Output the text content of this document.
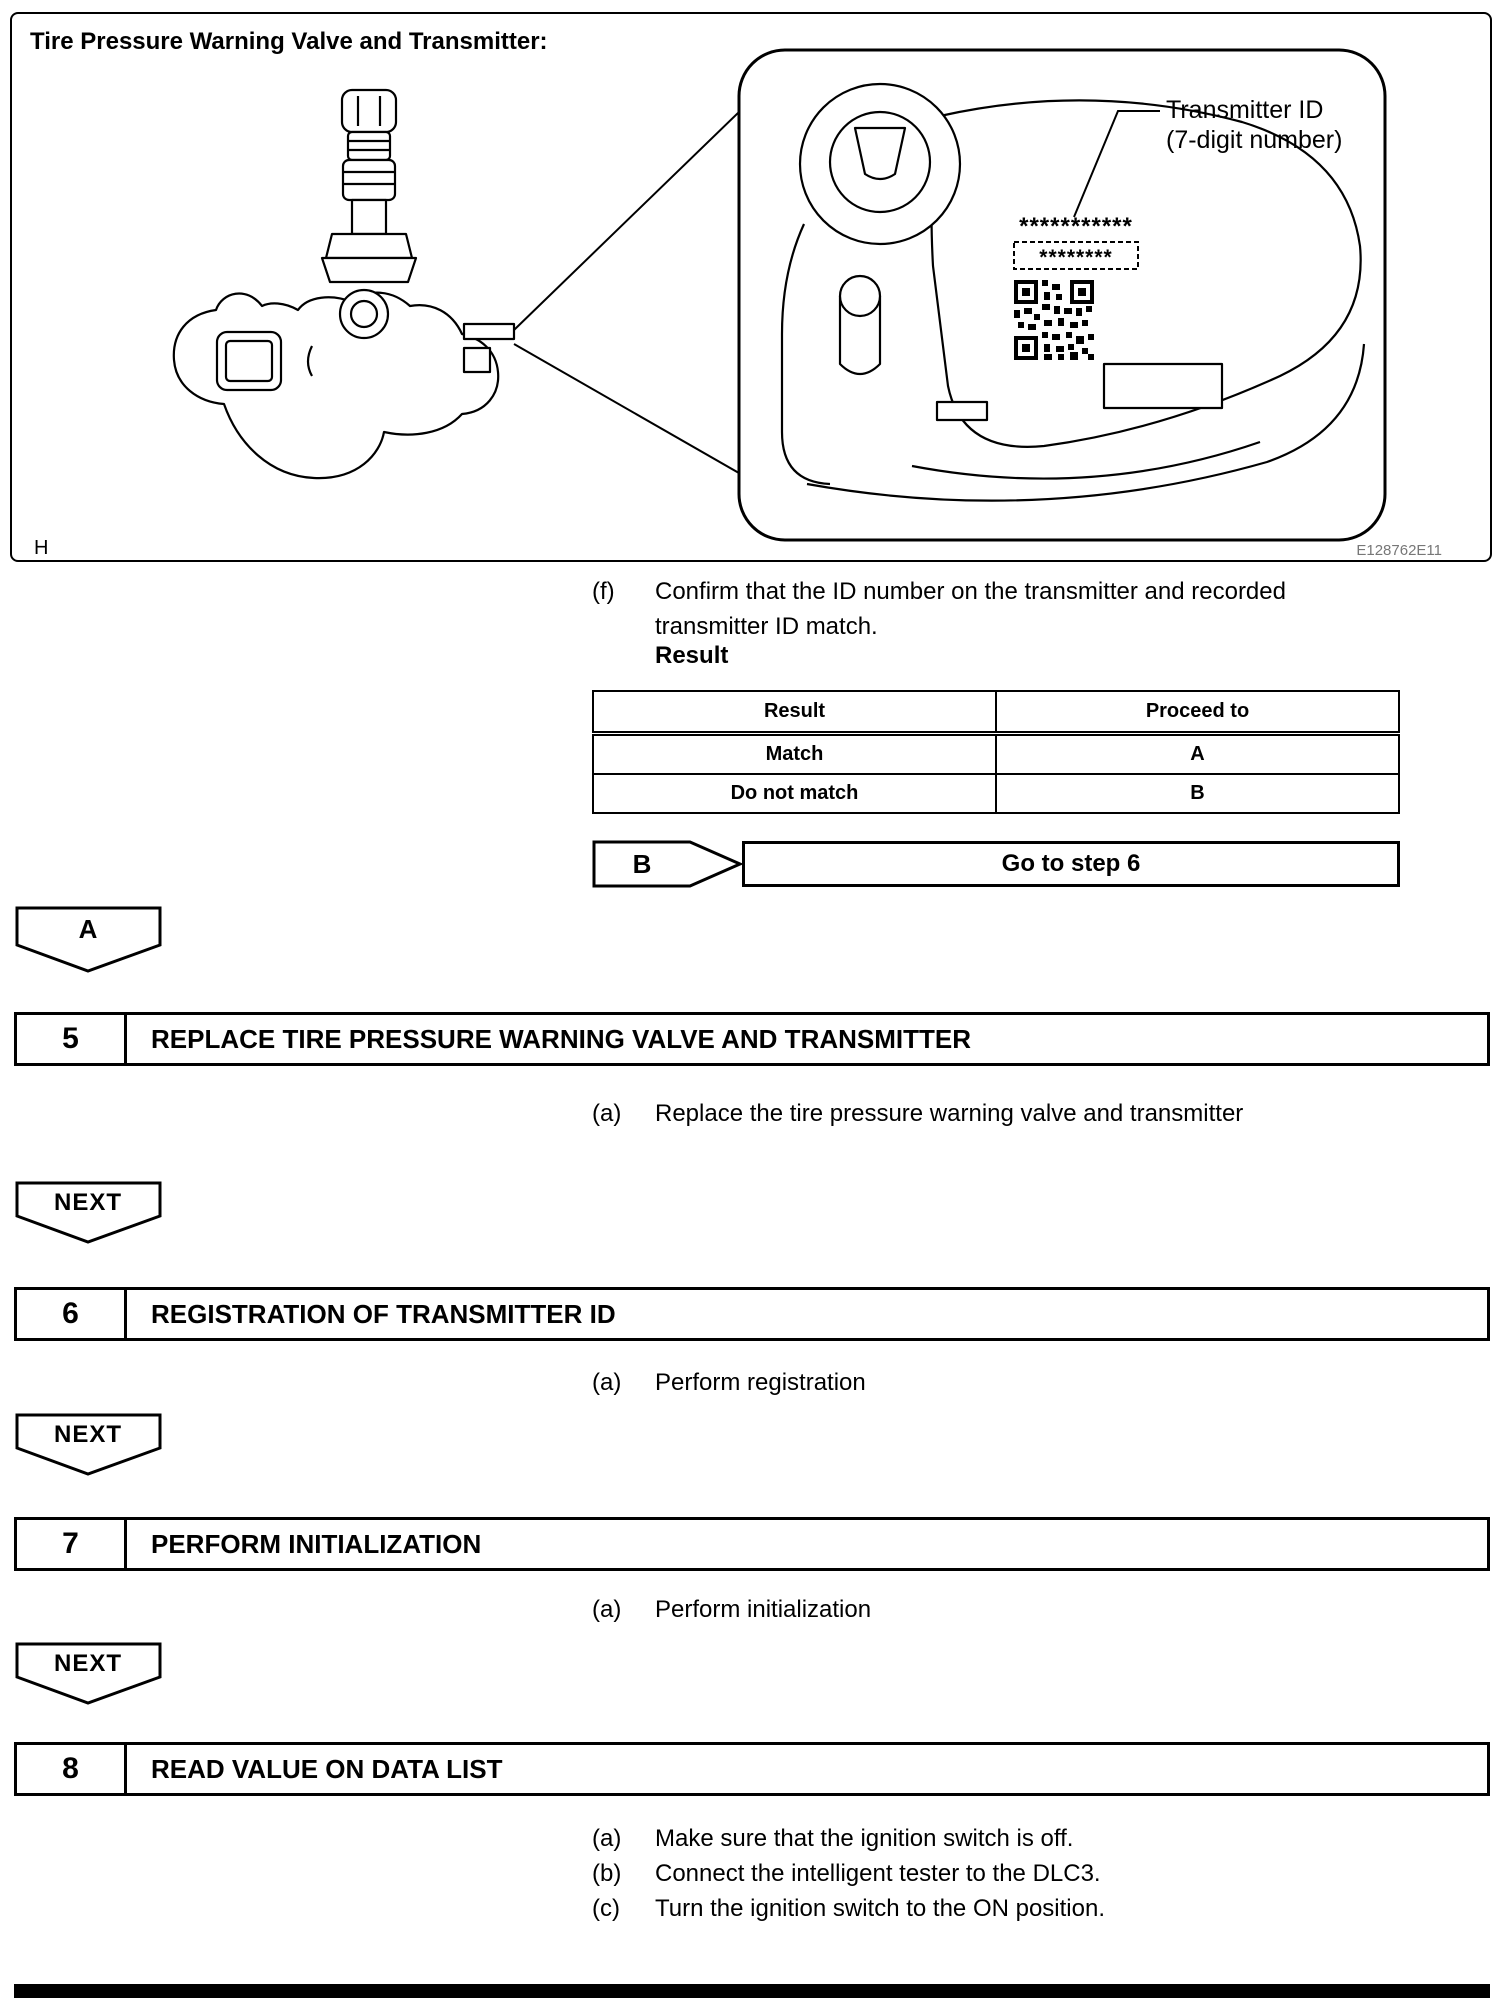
***********
********
Transmitter ID
(7-digit number)
H	E128762E11
Tire Pressure Warning Valve and Transmitter:
(f) Confirm that the ID number on the transmitter and recorded transmitter ID match.
Result
Result	Proceed to
Match	A
Do not match	B
B	Go to step 6
A
5	REPLACE TIRE PRESSURE WARNING VALVE AND TRANSMITTER
(a) Replace the tire pressure warning valve and transmitter
NEXT
6	REGISTRATION OF TRANSMITTER ID
(a) Perform registration
NEXT
7	PERFORM INITIALIZATION
(a) Perform initialization
NEXT
8	READ VALUE ON DATA LIST
(a) Make sure that the ignition switch is off.
(b) Connect the intelligent tester to the DLC3.
(c) Turn the ignition switch to the ON position.
